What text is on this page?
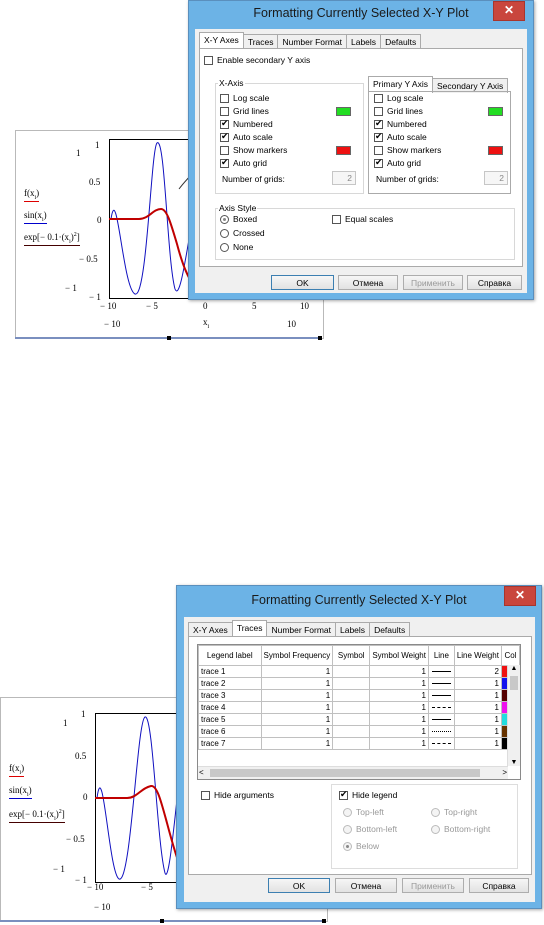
1
− 1
1
0.5
0
− 0.5
− 1
− 10	− 5	0	5	10
− 10	10
$x_i$
$f(x_i)$
$\sin(x_i)$
$\exp[- 0.1\cdot(x_i)^2]$
Formatting Currently Selected X-Y Plot	✕
X-Y Axes	Traces	Number Format	Labels	Defaults
Enable secondary Y axis
X-Axis
Log scale
Grid lines
✔
Numbered
✔
Auto scale
Show markers
✔
Auto grid
Number of grids:	2
Primary Y Axis	Secondary Y Axis
Log scale
Grid lines
✔
Numbered
✔
Auto scale
Show markers
✔
Auto grid
Number of grids:	2
Axis Style
Boxed
Crossed
None
Equal scales
OK	Отмена	Применить	Справка
1
− 1
1
0.5
0
− 0.5
− 1
− 10	− 5
− 10
$f(x_i)$
$\sin(x_i)$
$\exp[- 0.1\cdot(x_i)^2]$
Formatting Currently Selected X-Y Plot	✕
X-Y Axes	Traces	Number Format	Labels	Defaults
Legend label	Symbol Frequency	Symbol	Symbol Weight	Line	Line Weight	Col
trace 1	1		1		2	

trace 2	1		1		1	

trace 3	1		1		1	

trace 4	1		1		1	

trace 5	1		1		1	

trace 6	1		1		1	

trace 7	1		1		1	
▲
▼
<	>
Hide arguments ✔	Hide legend
Top-left	Top-right
Bottom-left	Bottom-right
Below
OK	Отмена	Применить	Справка
